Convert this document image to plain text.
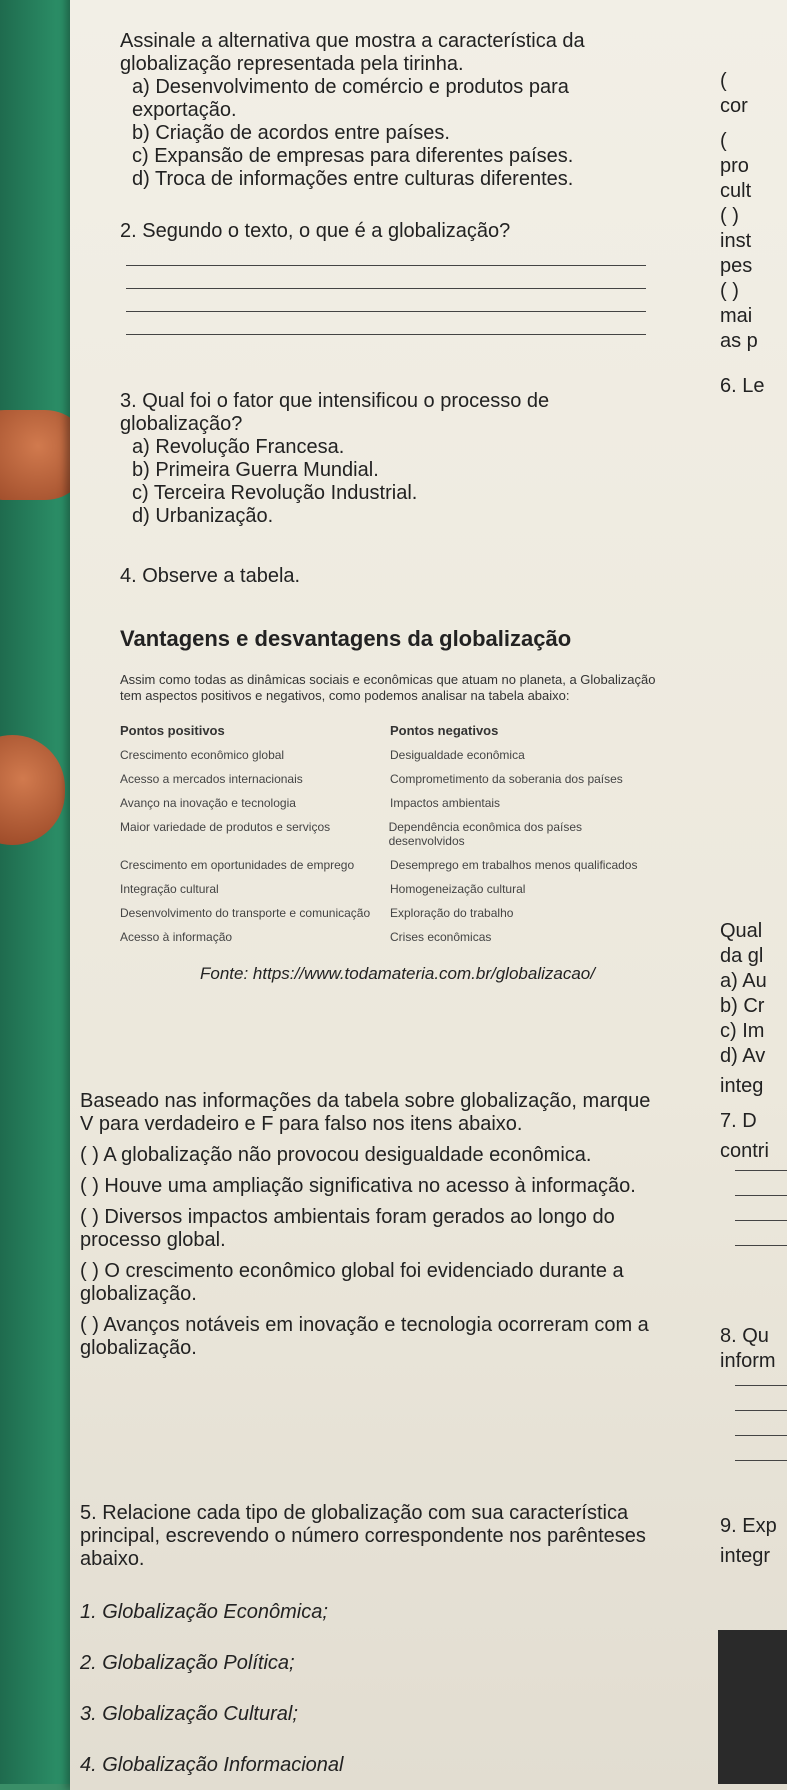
Assinale a alternativa que mostra a característica da globalização representada pela tirinha.

a) Desenvolvimento de comércio e produtos para exportação.

b) Criação de acordos entre países.

c) Expansão de empresas para diferentes países.

d) Troca de informações entre culturas diferentes.

2. Segundo o texto, o que é a globalização?

3. Qual foi o fator que intensificou o processo de globalização?

a) Revolução Francesa.

b) Primeira Guerra Mundial.

c) Terceira Revolução Industrial.

d) Urbanização.

4. Observe a tabela.

Vantagens e desvantagens da globalização
Assim como todas as dinâmicas sociais e econômicas que atuam no planeta, a Globalização tem aspectos positivos e negativos, como podemos analisar na tabela abaixo:
Pontos positivos	Pontos negativos
Crescimento econômico global	Desigualdade econômica
Acesso a mercados internacionais	Comprometimento da soberania dos países
Avanço na inovação e tecnologia	Impactos ambientais
Maior variedade de produtos e serviços	Dependência econômica dos países desenvolvidos
Crescimento em oportunidades de emprego	Desemprego em trabalhos menos qualificados
Integração cultural	Homogeneização cultural
Desenvolvimento do transporte e comunicação	Exploração do trabalho
Acesso à informação	Crises econômicas
Fonte: https://www.todamateria.com.br/globalizacao/

Baseado nas informações da tabela sobre globalização, marque V para verdadeiro e F para falso nos itens abaixo.

( ) A globalização não provocou desigualdade econômica.

( ) Houve uma ampliação significativa no acesso à informação.

( ) Diversos impactos ambientais foram gerados ao longo do processo global.

( ) O crescimento econômico global foi evidenciado durante a globalização.

( ) Avanços notáveis em inovação e tecnologia ocorreram com a globalização.

5. Relacione cada tipo de globalização com sua característica principal, escrevendo o número correspondente nos parênteses abaixo.

1. Globalização Econômica;

2. Globalização Política;

3. Globalização Cultural;

4. Globalização Informacional

(
cor
(
pro
cult
( )
inst
pes
( )
mai
as p
6. Le
Qual
da gl
a) Au
b) Cr
c) Im
d) Av
integ
7. D
contri
8. Qu
inform
9. Exp
integr
